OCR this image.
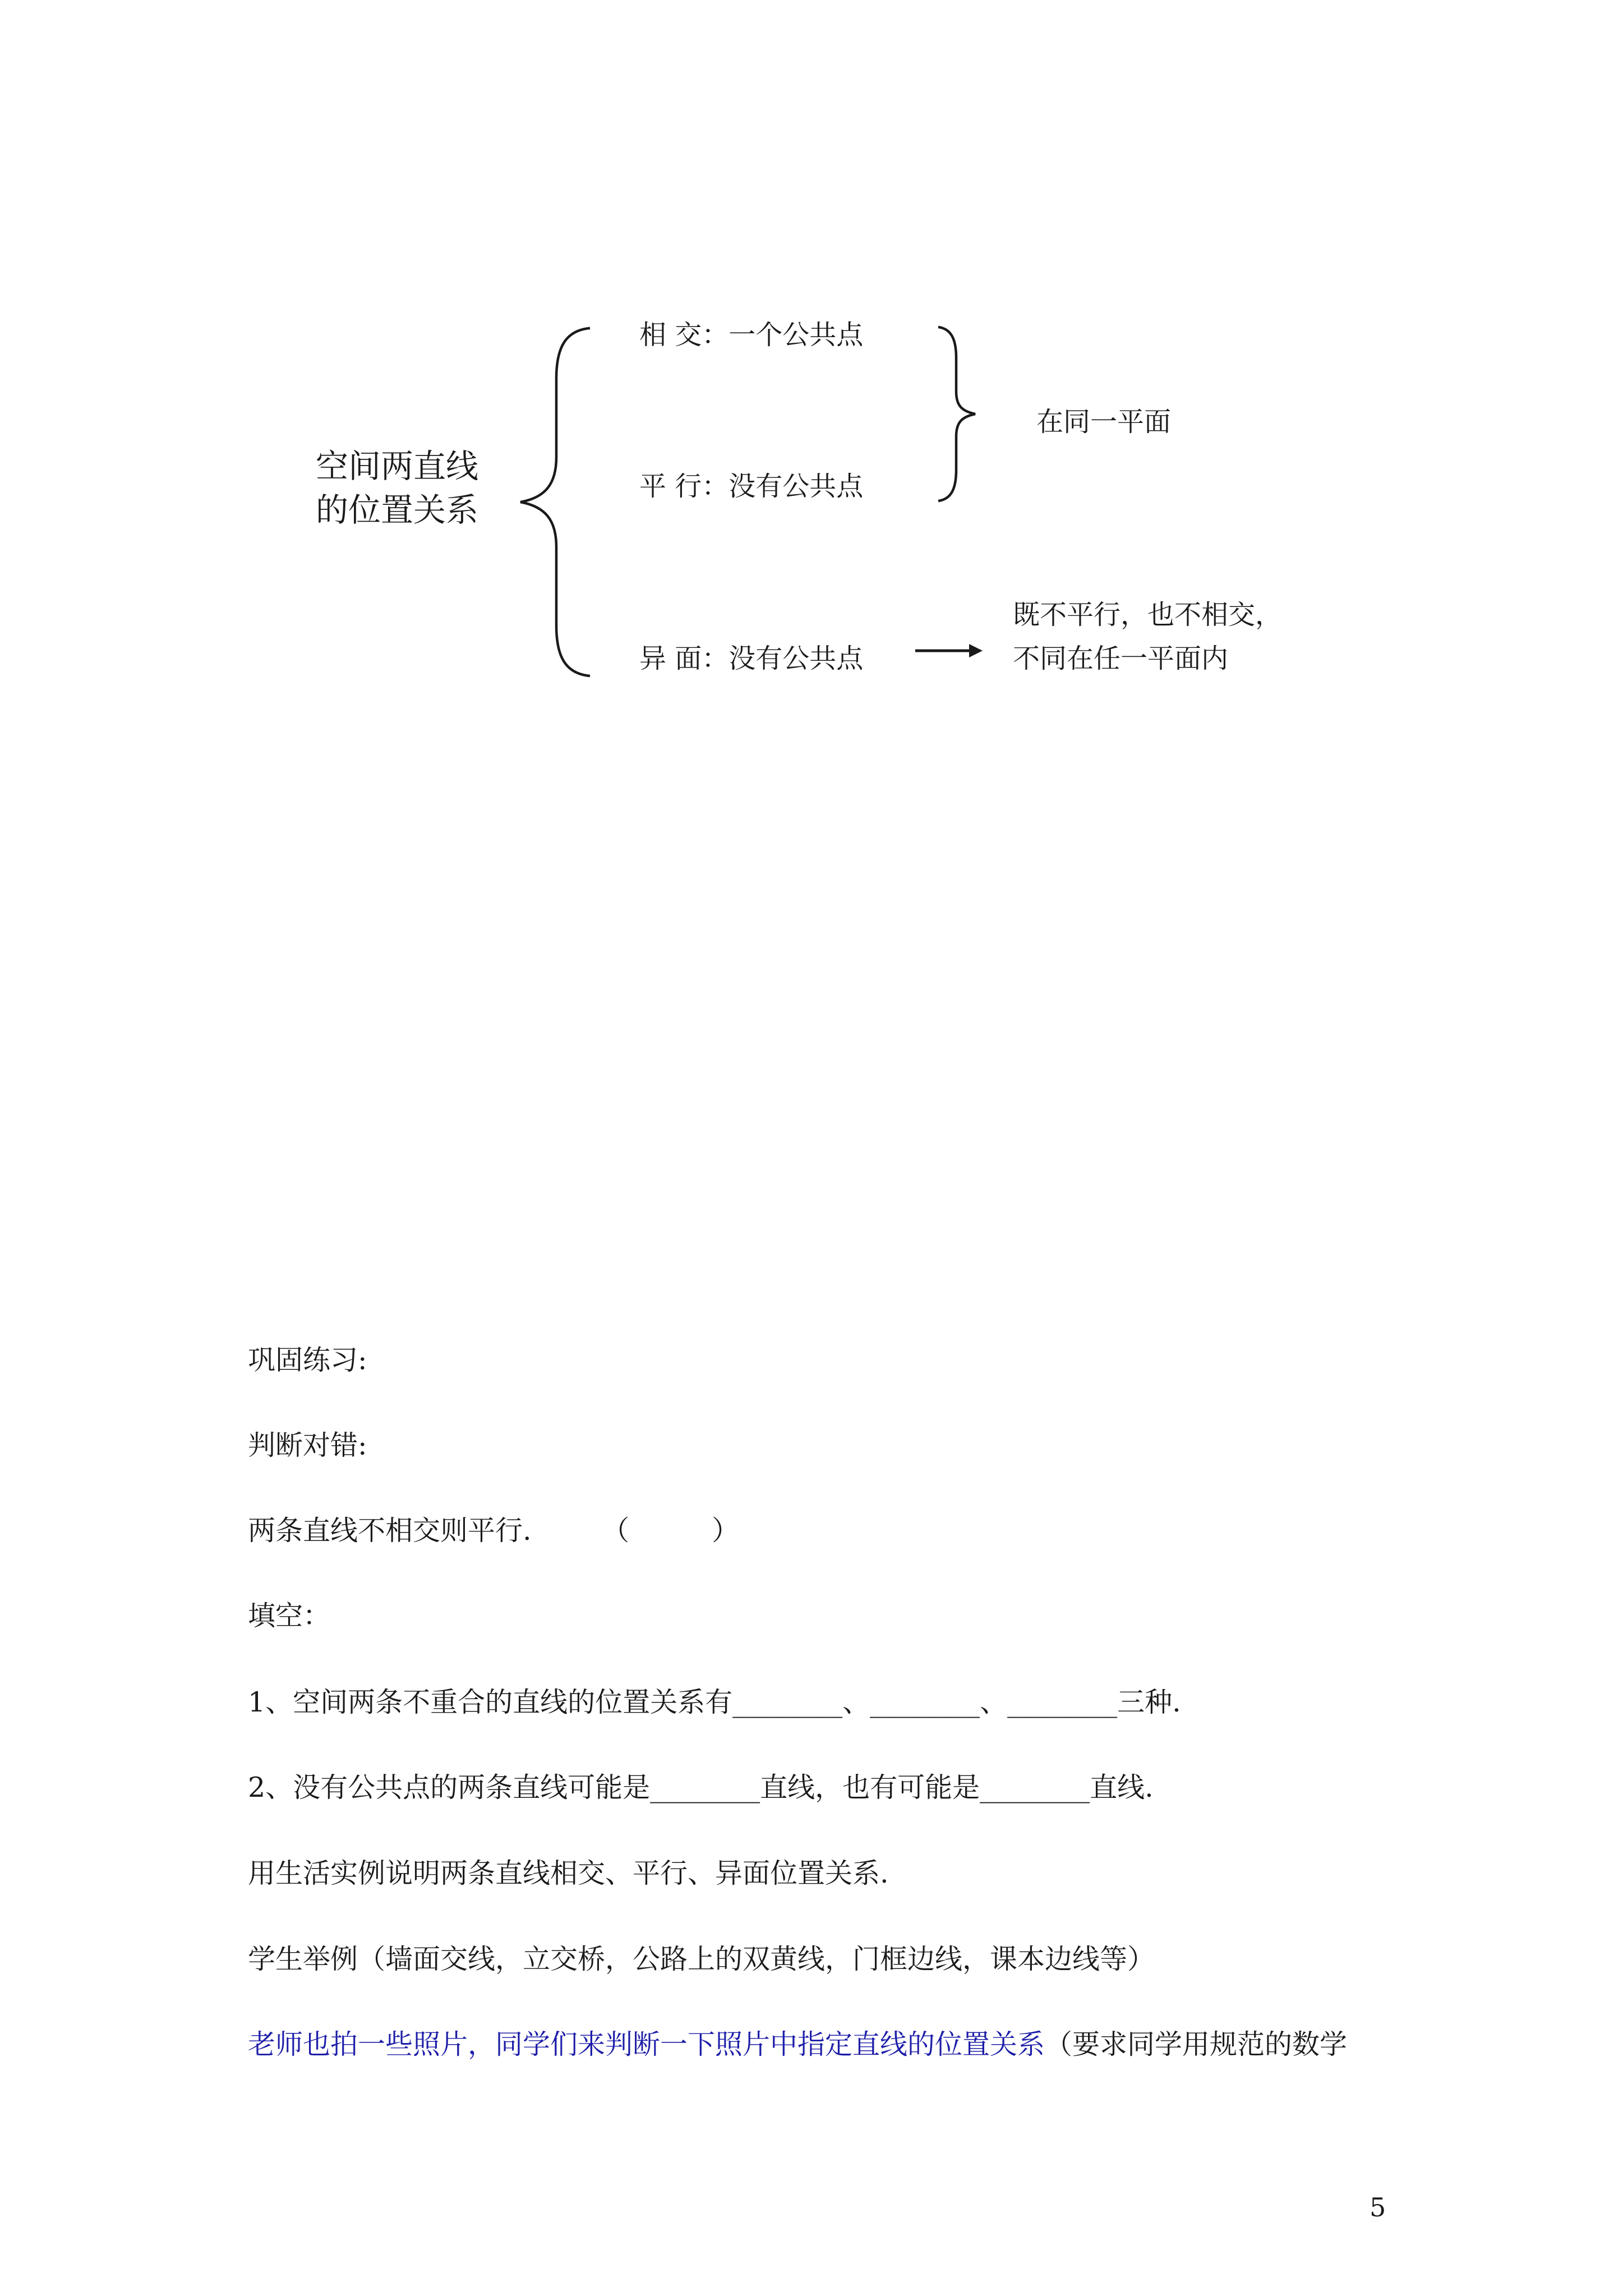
空间两直线
的位置关系
相 交：一个公共点
平 行：没有公共点
异 面：没有公共点
在同一平面
既不平行，也不相交，
不同在任一平面内
巩固练习:
判断对错:
两条直线不相交则平行.	（　　　）
填空：
1、空间两条不重合的直线的位置关系有________、________、________三种.
2、没有公共点的两条直线可能是________直线，也有可能是________直线.
用生活实例说明两条直线相交、平行、异面位置关系.
学生举例（墙面交线，立交桥，公路上的双黄线，门框边线，课本边线等）
老师也拍一些照片，同学们来判断一下照片中指定直线的位置关系（要求同学用规范的数学
5
